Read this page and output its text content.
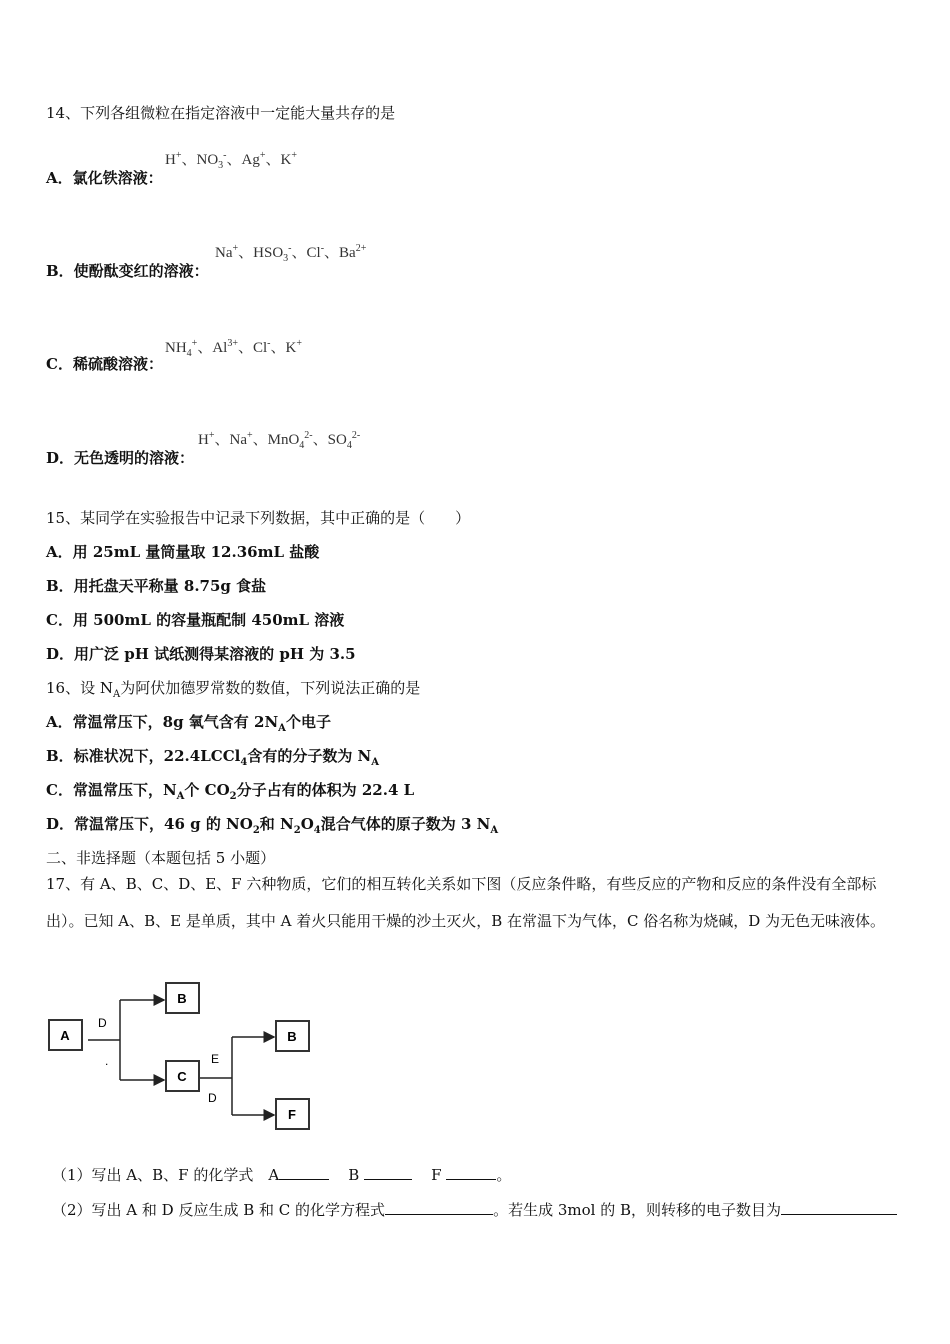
14、下列各组微粒在指定溶液中一定能大量共存的是
H+、$NO_3^-$、Ag+、K+
A．氯化铁溶液：
Na+、$HSO_3^-$、Cl-、$Ba^{2+}$
B．使酚酞变红的溶液：
$NH_4^+$、$Al^{3+}$、Cl-、K+
C．稀硫酸溶液：
H+、Na+、MnO$_4^{2-}$、$SO_4^{2-}$
D．无色透明的溶液：
15、某同学在实验报告中记录下列数据，其中正确的是（　　）
A．用 25mL 量筒量取 12.36mL 盐酸
B．用托盘天平称量 8.75g 食盐
C．用 500mL 的容量瓶配制 450mL 溶液
D．用广泛 pH 试纸测得某溶液的 pH 为 3.5
16、设 $N_A$为阿伏加德罗常数的数值，下列说法正确的是
A．常温常压下，8g 氧气含有 $2N_A$个电子
B．标准状况下，22.4LCCl$_4$含有的分子数为 $N_A$
C．常温常压下，$N_A$个 $CO_2$分子占有的体积为 22.4 L
D．常温常压下，46 g 的 $NO_2$和 $N_2O_4$混合气体的原子数为 3 $N_A$
二、非选择题（本题包括 5 小题）
17、有 A、B、C、D、E、F 六种物质，它们的相互转化关系如下图（反应条件略，有些反应的产物和反应的条件没有全部标出）。已知 A、B、E 是单质，其中 A 着火只能用干燥的沙土灭火，B 在常温下为气体，C 俗名称为烧碱，D 为无色无味液体。
A
D
.
B
C
E
D
B
F
（1）写出 A、B、F 的化学式　A	B	F	。
（2）写出 A 和 D 反应生成 B 和 C 的化学方程式	。若生成 3mol 的 B，则转移的电子数目为
